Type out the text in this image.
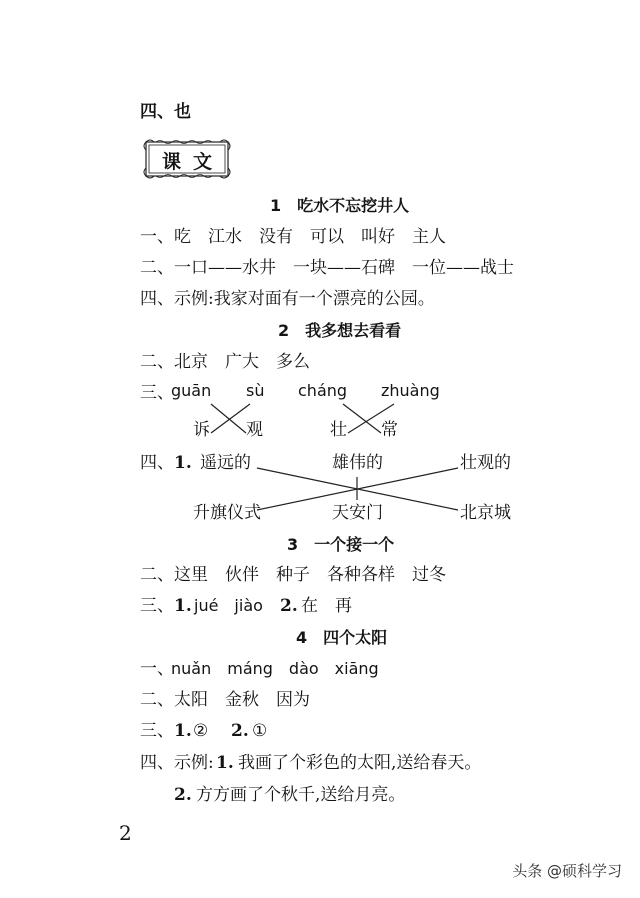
四、也
课文
1　吃水不忘挖井人
一、吃　江水　没有　可以　叫好　主人
二、一口——水井　一块——石碑　一位——战士
四、示例:我家对面有一个漂亮的公园。
2　我多想去看看
二、北京　广大　多么
三、
guān sù cháng zhuàng
诉 观	壮 常
四、 1. 遥远的	雄伟的	壮观的
升旗仪式	天安门	北京城
3　一个接一个
二、这里　伙伴　种子　各种各样　过冬
三、 1. jué　jiào 2. 在　再
4　四个太阳
一、
nuǎn　máng　dào　xiāng
二、太阳　金秋　因为
三、 1. ② 2. ①
四、示例: 1. 我画了个彩色的太阳,送给春天。
2. 方方画了个秋千,送给月亮。
2
头条 @硕科学习
